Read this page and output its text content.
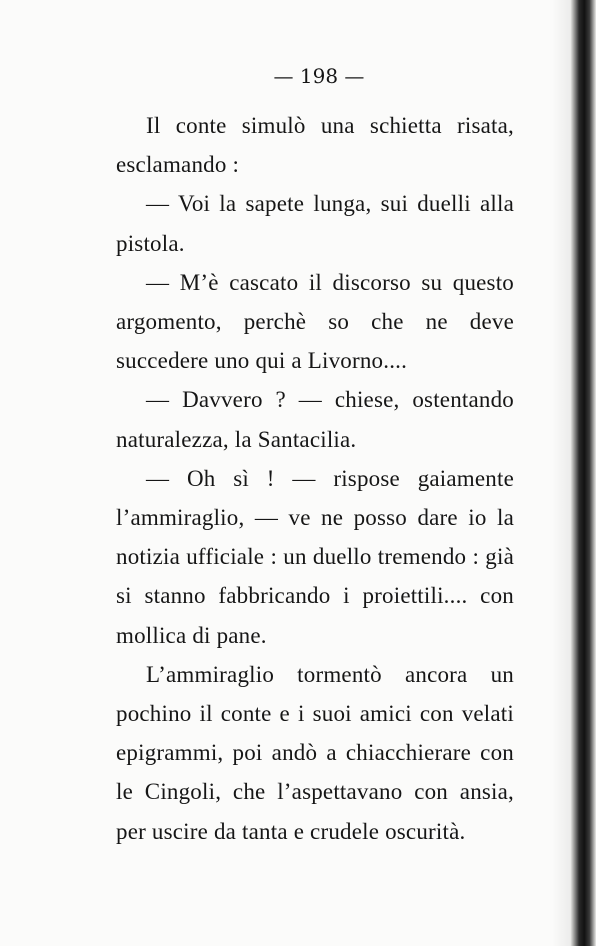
— 198 —

Il conte simulò una schietta risata, esclamando :

— Voi la sapete lunga, sui duelli alla pistola.

— M’è cascato il discorso su questo argomento, perchè so che ne deve succedere uno qui a Livorno....

— Davvero ? — chiese, ostentando naturalezza, la Santacilia.

— Oh sì ! — rispose gaiamente l’ammiraglio, — ve ne posso dare io la notizia ufficiale : un duello tremendo : già si stanno fabbricando i proiettili.... con mollica di pane.

L’ammiraglio tormentò ancora un pochino il conte e i suoi amici con velati epigrammi, poi andò a chiacchierare con le Cingoli, che l’aspettavano con ansia, per uscire da tanta e crudele oscurità.
